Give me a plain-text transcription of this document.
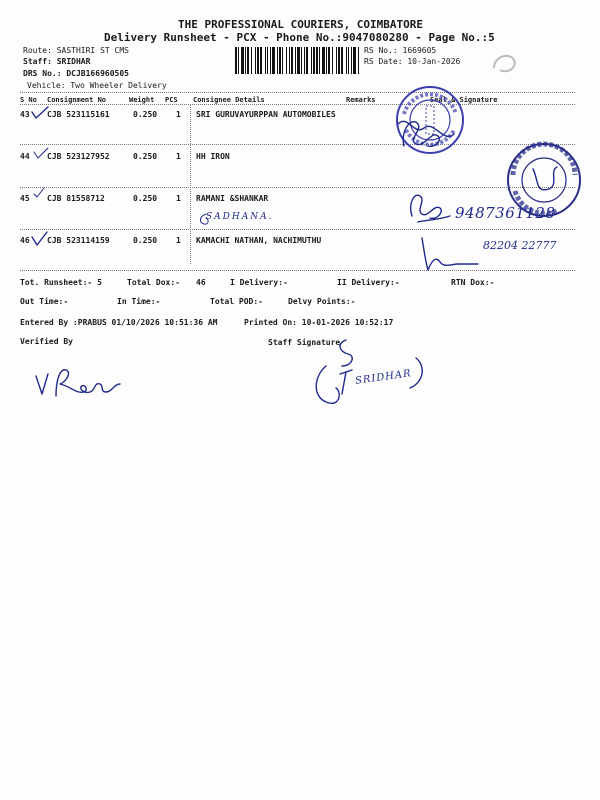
THE PROFESSIONAL COURIERS, COIMBATORE
Delivery Runsheet - PCX - Phone No.:9047080280 - Page No.:5
Route: SASTHIRI ST CMS
Staff: SRIDHAR
DRS No.: DCJB166960505
Vehicle: Two Wheeler Delivery
RS No.: 1669605
RS Date: 10-Jan-2026
S No Consignment No	Weight PCS Consignee Details	Remarks	Seal & Signature
43 CJB 523115161	0.250 1 SRI GURUVAYURPPAN AUTOMOBILES
44 CJB 523127952	0.250 1 HH IRON
45 CJB 81558712	0.250 1 RAMANI &SHANKAR
46 CJB 523114159	0.250 1 KAMACHI NATHAN, NACHIMUTHU
Tot. Runsheet:- 5	Total Dox:- 46	I Delivery:-	II Delivery:-	RTN Dox:-
Out Time:-	In Time:-	Total POD:-	Delvy Points:-
Entered By :PRABUS 01/10/2026 10:51:36 AM	Printed On: 10-01-2026 10:52:17
Verified By	Staff Signature
9487361128
SADHANA.
82204 22777
SRIDHAR
